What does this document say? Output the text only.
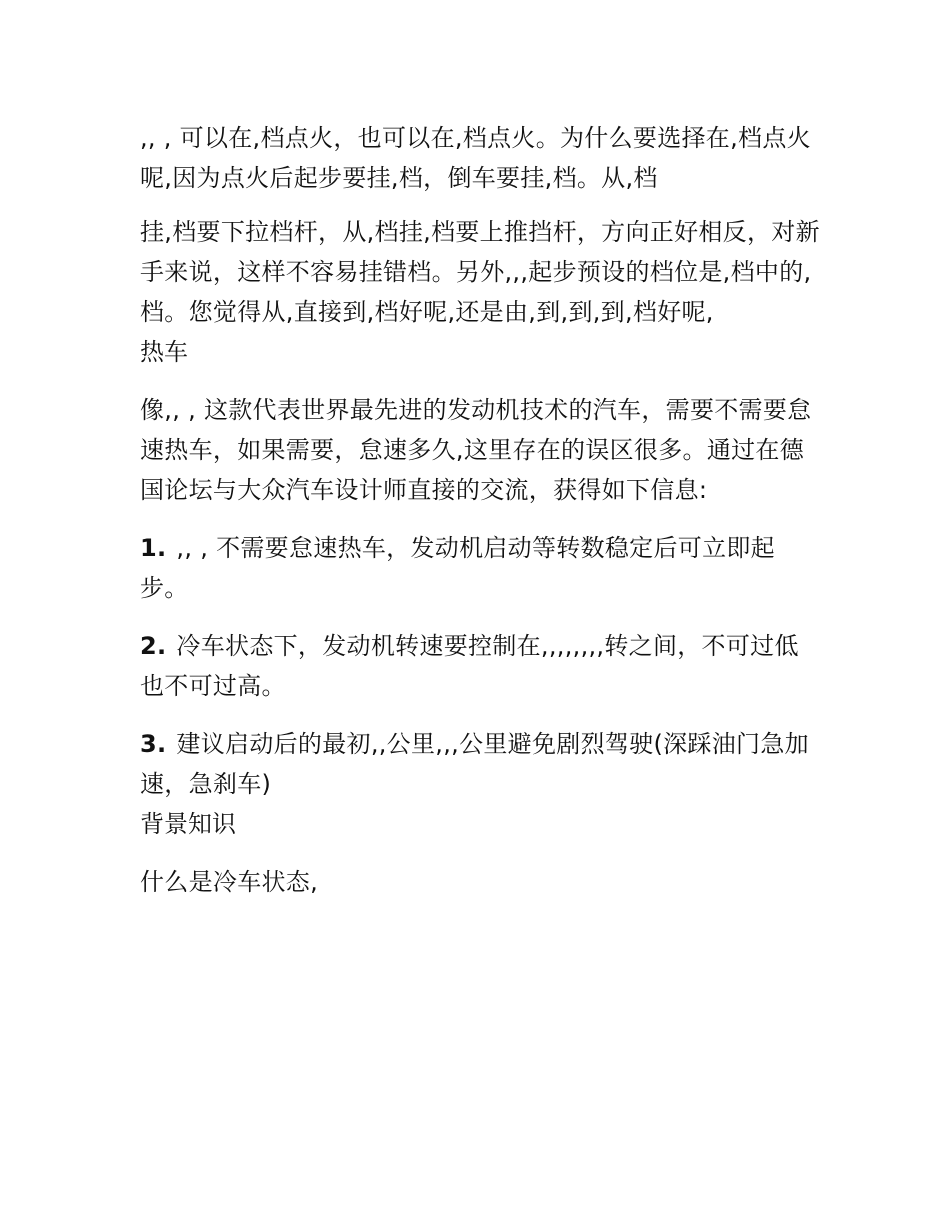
,, , 可以在,档点火，也可以在,档点火。为什么要选择在,档点火呢,因为点火后起步要挂,档，倒车要挂,档。从,档

挂,档要下拉档杆，从,档挂,档要上推挡杆，方向正好相反，对新手来说，这样不容易挂错档。另外,,,起步预设的档位是,档中的,档。您觉得从,直接到,档好呢,还是由,到,到,到,档好呢,

热车

像,, , 这款代表世界最先进的发动机技术的汽车，需要不需要怠速热车，如果需要，怠速多久,这里存在的误区很多。通过在德国论坛与大众汽车设计师直接的交流，获得如下信息:

1. ,, , 不需要怠速热车，发动机启动等转数稳定后可立即起步。

2. 冷车状态下，发动机转速要控制在,,,,,,,,转之间，不可过低也不可过高。

3. 建议启动后的最初,,公里,,,公里避免剧烈驾驶(深踩油门急加速，急刹车)

背景知识

什么是冷车状态,
